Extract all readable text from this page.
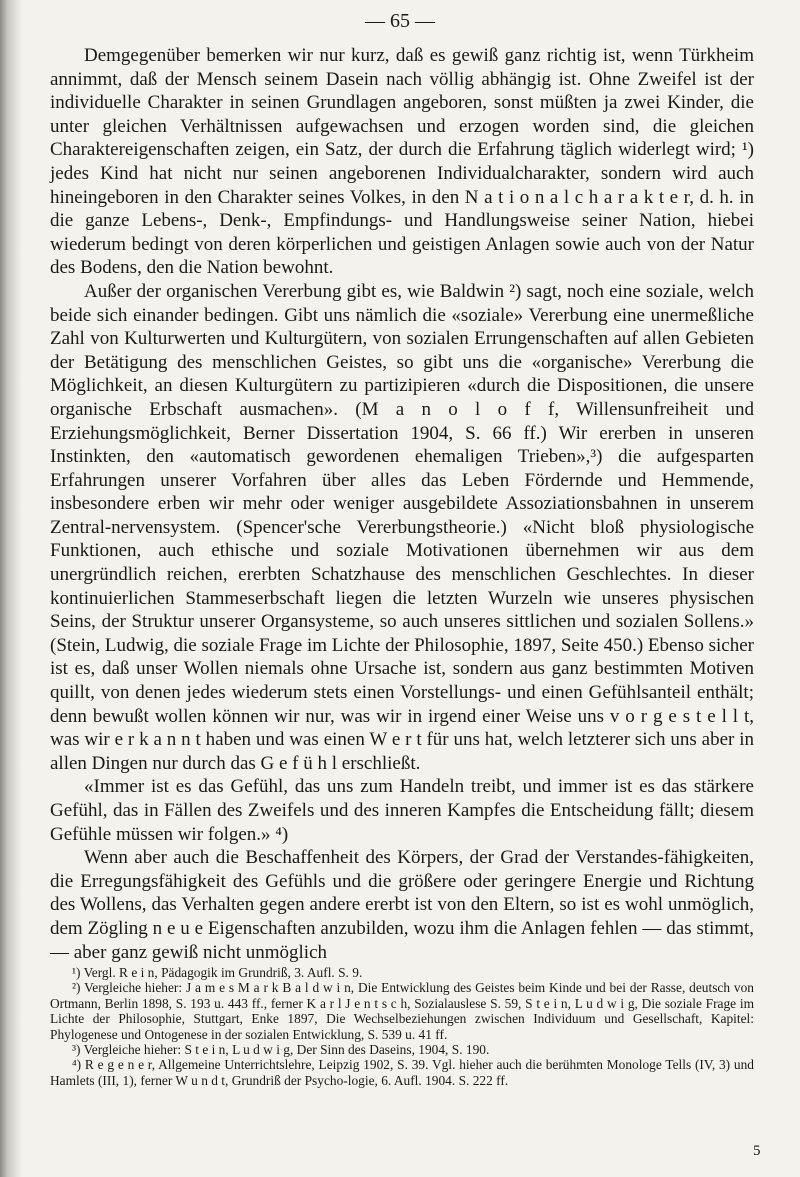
— 65 —

Demgegenüber bemerken wir nur kurz, daß es gewiß ganz richtig ist, wenn Türkheim annimmt, daß der Mensch seinem Dasein nach völlig abhängig ist. Ohne Zweifel ist der individuelle Charakter in seinen Grundlagen angeboren, sonst müßten ja zwei Kinder, die unter gleichen Verhältnissen aufgewachsen und erzogen worden sind, die gleichen Charaktereigenschaften zeigen, ein Satz, der durch die Erfahrung täglich widerlegt wird; ¹) jedes Kind hat nicht nur seinen angeborenen Individualcharakter, sondern wird auch hineingeboren in den Charakter seines Volkes, in den N a t i o n a l c h a r a k t e r, d. h. in die ganze Lebens-, Denk-, Empfindungs- und Handlungsweise seiner Nation, hiebei wiederum bedingt von deren körperlichen und geistigen Anlagen sowie auch von der Natur des Bodens, den die Nation bewohnt.

Außer der organischen Vererbung gibt es, wie Baldwin ²) sagt, noch eine soziale, welch beide sich einander bedingen. Gibt uns nämlich die «soziale» Vererbung eine unermeßliche Zahl von Kulturwerten und Kulturgütern, von sozialen Errungenschaften auf allen Gebieten der Betätigung des menschlichen Geistes, so gibt uns die «organische» Vererbung die Möglichkeit, an diesen Kulturgütern zu partizipieren «durch die Dispositionen, die unsere organische Erbschaft ausmachen». (M a n o l o f f, Willensunfreiheit und Erziehungsmöglichkeit, Berner Dissertation 1904, S. 66 ff.) Wir ererben in unseren Instinkten, den «automatisch gewordenen ehemaligen Trieben»,³) die aufgesparten Erfahrungen unserer Vorfahren über alles das Leben Fördernde und Hemmende, insbesondere erben wir mehr oder weniger ausgebildete Assoziationsbahnen in unserem Zentral-nervensystem. (Spencer'sche Vererbungstheorie.) «Nicht bloß physiologische Funktionen, auch ethische und soziale Motivationen übernehmen wir aus dem unergründlich reichen, ererbten Schatzhause des menschlichen Geschlechtes. In dieser kontinuierlichen Stammeserbschaft liegen die letzten Wurzeln wie unseres physischen Seins, der Struktur unserer Organsysteme, so auch unseres sittlichen und sozialen Sollens.» (Stein, Ludwig, die soziale Frage im Lichte der Philosophie, 1897, Seite 450.) Ebenso sicher ist es, daß unser Wollen niemals ohne Ursache ist, sondern aus ganz bestimmten Motiven quillt, von denen jedes wiederum stets einen Vorstellungs- und einen Gefühlsanteil enthält; denn bewußt wollen können wir nur, was wir in irgend einer Weise uns v o r g e s t e l l t, was wir e r k a n n t haben und was einen W e r t für uns hat, welch letzterer sich uns aber in allen Dingen nur durch das G e f ü h l erschließt.

«Immer ist es das Gefühl, das uns zum Handeln treibt, und immer ist es das stärkere Gefühl, das in Fällen des Zweifels und des inneren Kampfes die Entscheidung fällt; diesem Gefühle müssen wir folgen.» ⁴)

Wenn aber auch die Beschaffenheit des Körpers, der Grad der Verstandes-fähigkeiten, die Erregungsfähigkeit des Gefühls und die größere oder geringere Energie und Richtung des Wollens, das Verhalten gegen andere ererbt ist von den Eltern, so ist es wohl unmöglich, dem Zögling n e u e Eigenschaften anzubilden, wozu ihm die Anlagen fehlen — das stimmt, — aber ganz gewiß nicht unmöglich

¹) Vergl. R e i n, Pädagogik im Grundriß, 3. Aufl. S. 9.

²) Vergleiche hieher: J a m e s M a r k B a l d w i n, Die Entwicklung des Geistes beim Kinde und bei der Rasse, deutsch von Ortmann, Berlin 1898, S. 193 u. 443 ff., ferner K a r l J e n t s c h, Sozialauslese S. 59, S t e i n, L u d w i g, Die soziale Frage im Lichte der Philosophie, Stuttgart, Enke 1897, Die Wechselbeziehungen zwischen Individuum und Gesellschaft, Kapitel: Phylogenese und Ontogenese in der sozialen Entwicklung, S. 539 u. 41 ff.

³) Vergleiche hieher: S t e i n, L u d w i g, Der Sinn des Daseins, 1904, S. 190.

⁴) R e g e n e r, Allgemeine Unterrichtslehre, Leipzig 1902, S. 39. Vgl. hieher auch die berühmten Monologe Tells (IV, 3) und Hamlets (III, 1), ferner W u n d t, Grundriß der Psycho-logie, 6. Aufl. 1904. S. 222 ff.

5
